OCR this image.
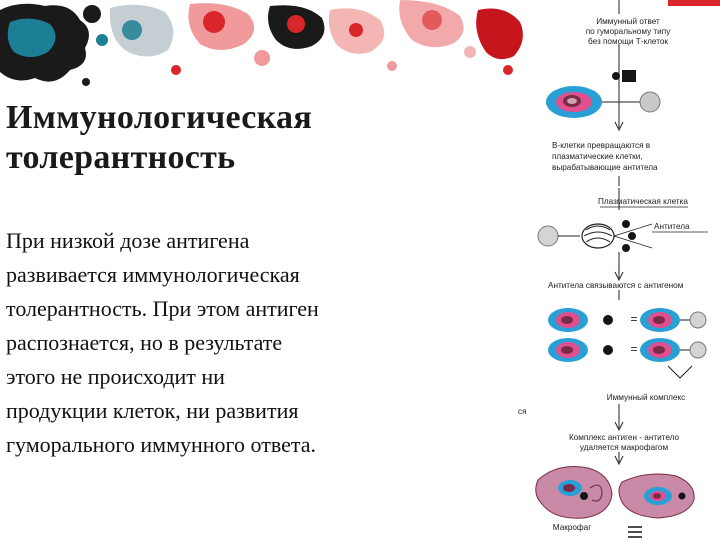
Иммунологическая
толерантность
При низкой дозе антигена
развивается иммунологическая
толерантность. При этом антиген
распознается, но в результате
этого не происходит ни
продукции клеток, ни развития
гуморального иммунного ответа.
Иммунный ответ
по гуморальному типу
без помощи Т-клеток
В-клетки превращаются в
плазматические клетки,
вырабатывающие антитела
Плазматическая клетка
Антитела
Антитела связываются с антигеном
=
=
Иммунный комплекс
ся
Комплекс антиген - антитело
удаляется макрофагом
Макрофаг
